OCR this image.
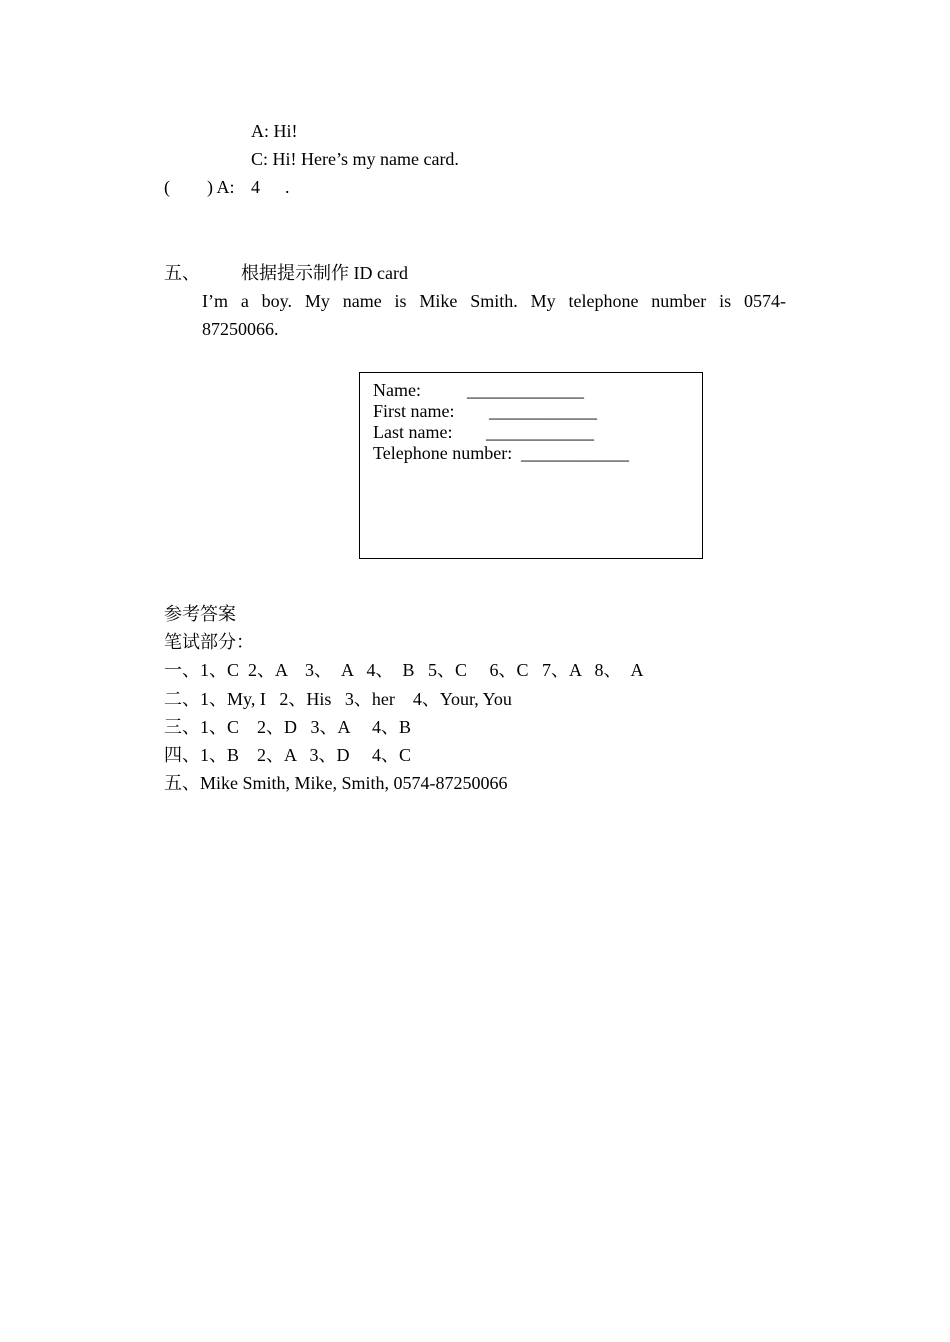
A: Hi!
C: Hi! Here’s my name card.
( ) A: 4 .
五、 根据提示制作 ID card
I’m a boy. My name is Mike Smith. My telephone number is 0574-
87250066.
Name:	_____________
First name: ____________
Last name: ____________
Telephone number: ____________
参考答案
笔试部分：
一、1、C  2、A    3、  A   4、  B   5、C     6、C   7、A   8、  A
二、1、My, I   2、His   3、her    4、Your, You
三、1、C    2、D   3、A     4、B
四、1、B    2、A   3、D     4、C
五、Mike Smith, Mike, Smith, 0574-87250066
